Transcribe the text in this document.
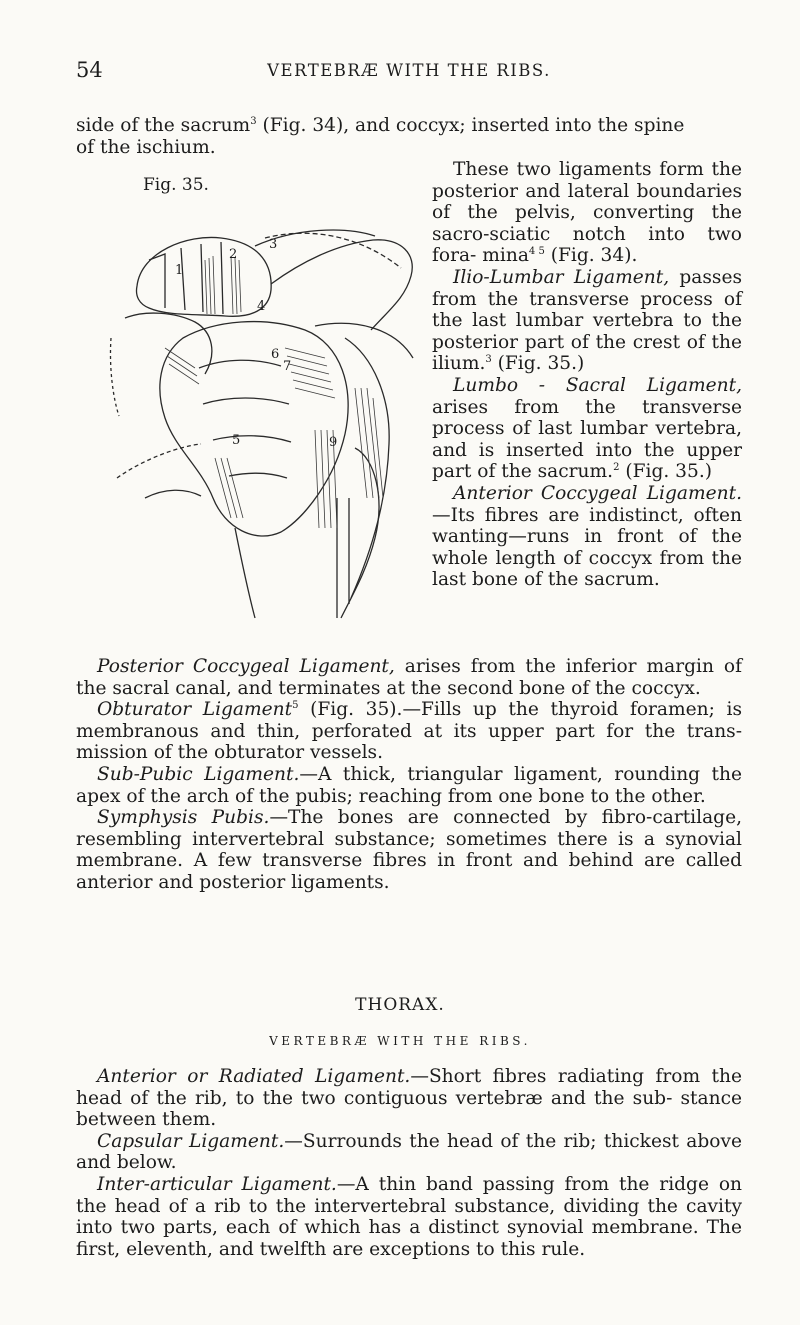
54	VERTEBRÆ WITH THE RIBS.

side of the sacrum$^3$ (Fig. 34), and coccyx; inserted into the spine

of the ischium.

Fig. 35.
1
2
3
4
5
6
7
9

These two ligaments form the posterior and lateral boundaries of the pelvis, converting the sacro-sciatic notch into two fora- mina$^{4 5}$ (Fig. 34).

Ilio-Lumbar Ligament, passes from the transverse process of the last lumbar vertebra to the posterior part of the crest of the ilium.$^3$ (Fig. 35.)

Lumbo - Sacral Ligament, arises from the transverse process of last lumbar vertebra, and is inserted into the upper part of the sacrum.$^2$ (Fig. 35.)

Anterior Coccygeal Ligament. —Its fibres are indistinct, often wanting—runs in front of the whole length of coccyx from the last bone of the sacrum.

Posterior Coccygeal Ligament, arises from the inferior margin of the sacral canal, and terminates at the second bone of the coccyx.

Obturator Ligament$^5$ (Fig. 35).—Fills up the thyroid foramen; is membranous and thin, perforated at its upper part for the trans- mission of the obturator vessels.

Sub-Pubic Ligament.—A thick, triangular ligament, rounding the apex of the arch of the pubis; reaching from one bone to the other.

Symphysis Pubis.—The bones are connected by fibro-cartilage, resembling intervertebral substance; sometimes there is a synovial membrane. A few transverse fibres in front and behind are called anterior and posterior ligaments.

THORAX.
VERTEBRÆ WITH THE RIBS.

Anterior or Radiated Ligament.—Short fibres radiating from the head of the rib, to the two contiguous vertebræ and the sub- stance between them.

Capsular Ligament.—Surrounds the head of the rib; thickest above and below.

Inter-articular Ligament.—A thin band passing from the ridge on the head of a rib to the intervertebral substance, dividing the cavity into two parts, each of which has a distinct synovial membrane. The first, eleventh, and twelfth are exceptions to this rule.
